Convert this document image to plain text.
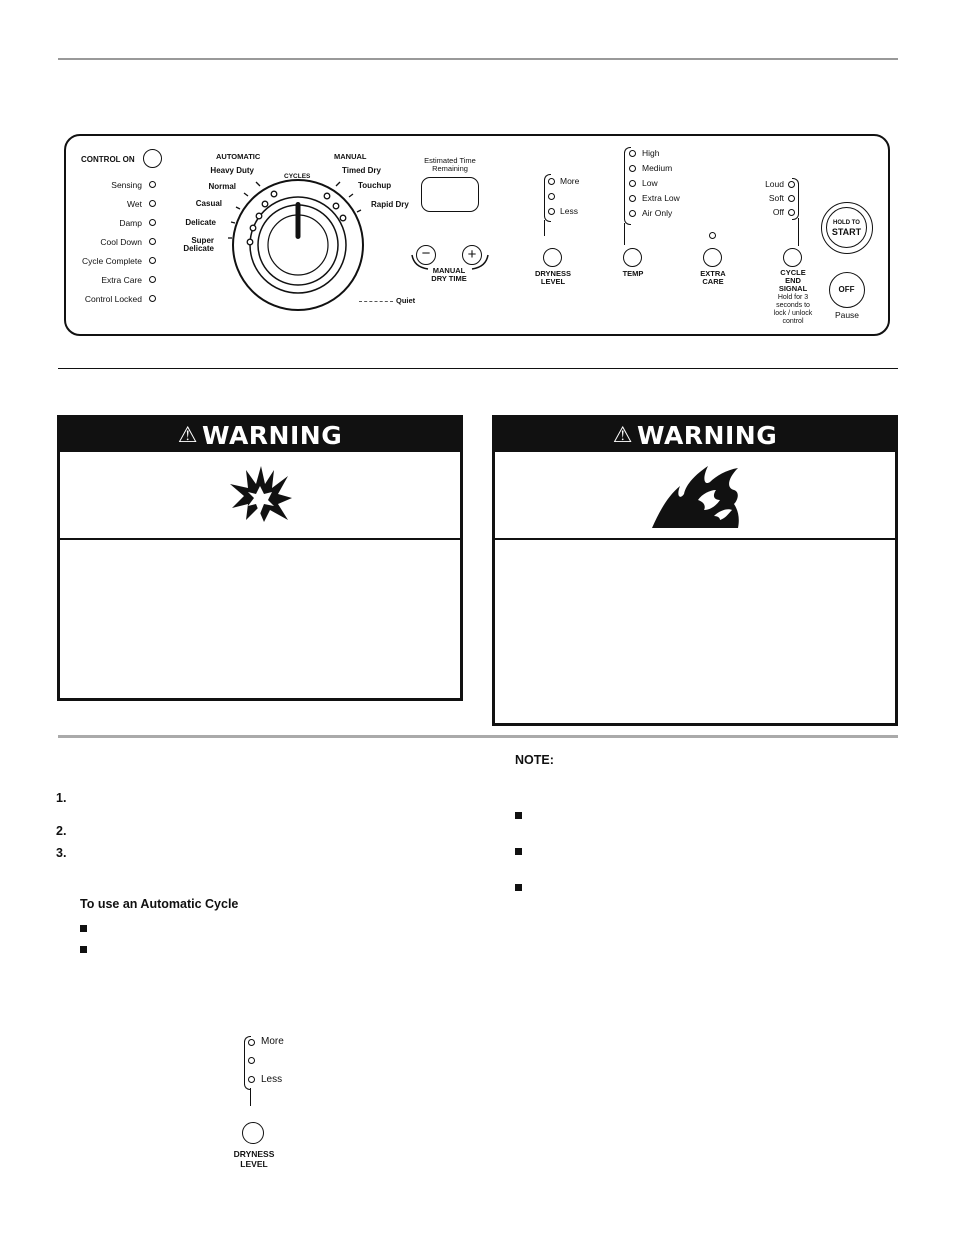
CONTROL ON
Sensing
Wet
Damp
Cool Down
Cycle Complete
Extra Care
Control Locked
AUTOMATIC	MANUAL
CYCLES
Heavy Duty
Normal
Casual
Delicate
Super
Delicate
Timed Dry
Touchup
Rapid Dry
Quiet
Estimated Time
Remaining
−	+
MANUAL
DRY TIME
More
Less
DRYNESS
LEVEL
High
Medium
Low
Extra Low
Air Only
TEMP	EXTRA
CARE
Loud
Soft
Off
CYCLE
END
SIGNAL
Hold for 3
seconds to
lock / unlock
control
HOLD TO
START
OFF
Pause
⚠ WARNING	⚠ WARNING
1.
2.
3.
To use an Automatic Cycle
NOTE:
More
Less
DRYNESS
LEVEL
